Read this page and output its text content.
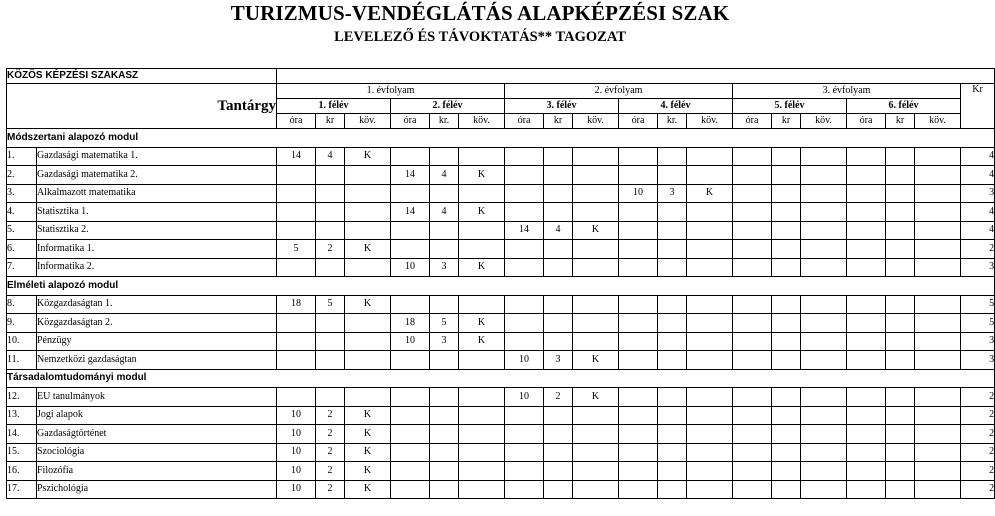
TURIZMUS-VENDÉGLÁTÁS ALAPKÉPZÉSI SZAK
LEVELEZŐ ÉS TÁVOKTATÁS** TAGOZAT
KÖZÖS KÉPZÉSI SZAKASZ																				
Tantárgy		1. évfolyam						2. évfolyam						3. évfolyam						Kr
		1. félév			2. félév			3. félév			4. félév			5. félév			6. félév			
		óra	kr	köv.	óra	kr.	köv.	óra	kr	köv.	óra	kr.	köv.	óra	kr	köv.	óra	kr	köv.	
Módszertani alapozó modul																				
1.	Gazdasági matematika 1.	14	4	K																4
2.	Gazdasági matematika 2.				14	4	K													4
3.	Alkalmazott matematika										10	3	K							3
4.	Statisztika 1.				14	4	K													4
5.	Statisztika 2.							14	4	K										4
6.	Informatika 1.	5	2	K																2
7.	Informatika 2.				10	3	K													3
Elméleti alapozó modul																				
8.	Közgazdaságtan 1.	18	5	K																5
9.	Közgazdaságtan 2.				18	5	K													5
10.	Pénzügy				10	3	K													3
11.	Nemzetközi gazdaságtan							10	3	K										3
Társadalomtudományi modul																				
12.	EU tanulmányok							10	2	K										2
13.	Jogi alapok	10	2	K																2
14.	Gazdaságtörténet	10	2	K																2
15.	Szociológia	10	2	K																2
16.	Filozófia	10	2	K																2
17.	Pszichológia	10	2	K																2
